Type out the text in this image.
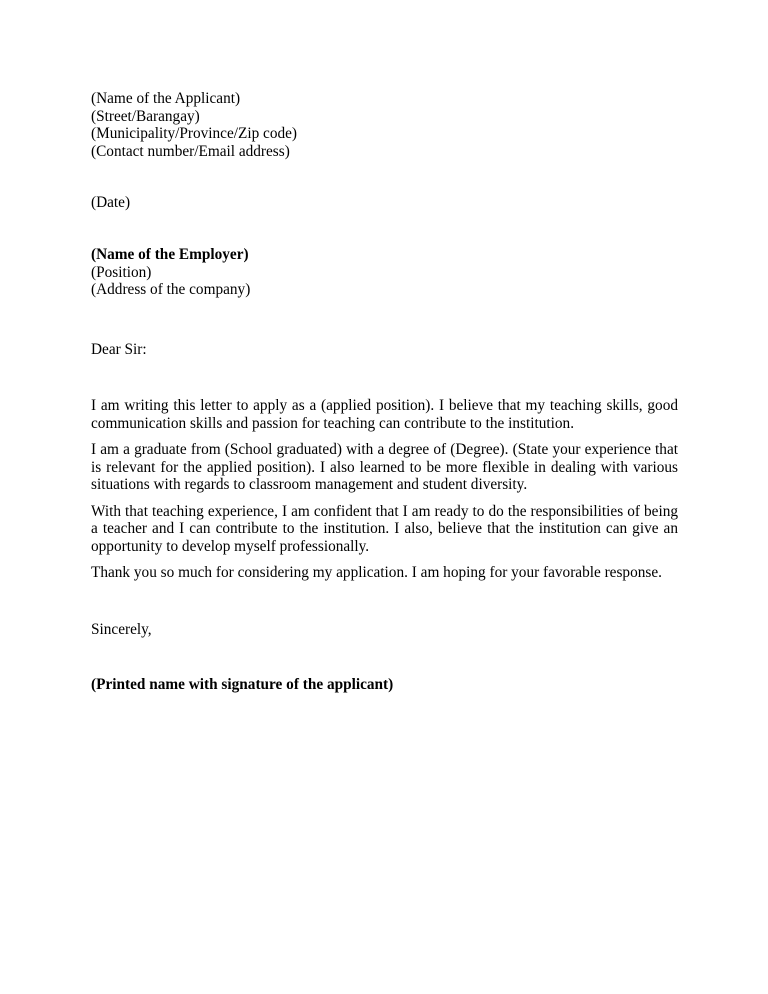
(Name of the Applicant)
(Street/Barangay)
(Municipality/Province/Zip code)
(Contact number/Email address)
(Date)
(Name of the Employer)
(Position)
(Address of the company)
Dear Sir:

I am writing this letter to apply as a (applied position). I believe that my teaching skills, good communication skills and passion for teaching can contribute to the institution.

I am a graduate from (School graduated) with a degree of (Degree). (State your experience that is relevant for the applied position). I also learned to be more flexible in dealing with various situations with regards to classroom management and student diversity.

With that teaching experience, I am confident that I am ready to do the responsibilities of being a teacher and I can contribute to the institution. I also, believe that the institution can give an opportunity to develop myself professionally.

Thank you so much for considering my application. I am hoping for your favorable response.

Sincerely,
(Printed name with signature of the applicant)
